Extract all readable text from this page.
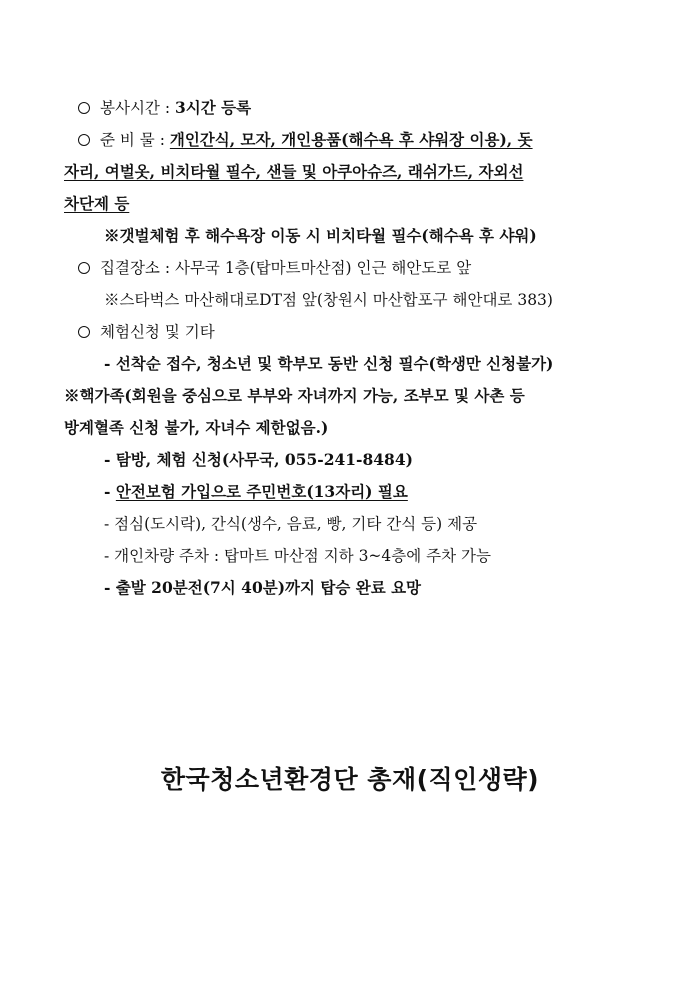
봉사시간 : 3시간 등록
준 비 물 : 개인간식, 모자, 개인용품(해수욕 후 샤워장 이용), 돗
자리, 여벌옷, 비치타월 필수, 샌들 및 아쿠아슈즈, 래쉬가드, 자외선
차단제 등
※갯벌체험 후 해수욕장 이동 시 비치타월 필수(해수욕 후 샤워)
집결장소 : 사무국 1층(탑마트마산점) 인근 해안도로 앞
※스타벅스 마산해대로DT점 앞(창원시 마산합포구 해안대로 383)
체험신청 및 기타
- 선착순 접수, 청소년 및 학부모 동반 신청 필수(학생만 신청불가)
※핵가족(회원을 중심으로 부부와 자녀까지 가능, 조부모 및 사촌 등
방계혈족 신청 불가, 자녀수 제한없음.)
- 탐방, 체험 신청(사무국, 055-241-8484)
- 안전보험 가입으로 주민번호(13자리) 필요
- 점심(도시락), 간식(생수, 음료, 빵, 기타 간식 등) 제공
- 개인차량 주차 : 탑마트 마산점 지하 3~4층에 주차 가능
- 출발 20분전(7시 40분)까지 탑승 완료 요망
한국청소년환경단 총재(직인생략)
